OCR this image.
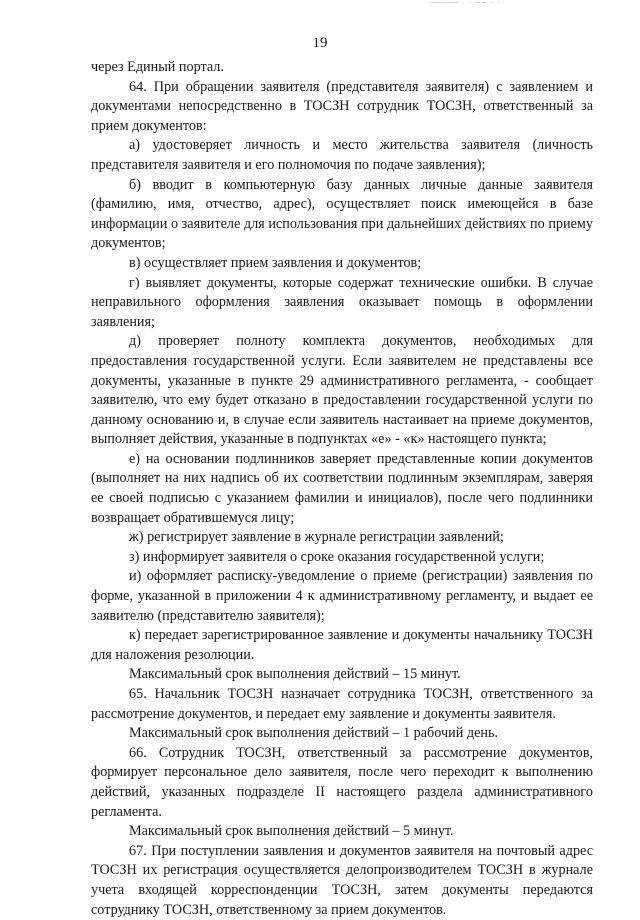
————— · ·· —— ·· ···
19

через Единый портал.

64. При обращении заявителя (представителя заявителя) с заявлением и документами непосредственно в ТОСЗН сотрудник ТОСЗН, ответственный за прием документов:

а) удостоверяет личность и место жительства заявителя (личность представителя заявителя и его полномочия по подаче заявления);

б) вводит в компьютерную базу данных личные данные заявителя (фамилию, имя, отчество, адрес), осуществляет поиск имеющейся в базе информации о заявителе для использования при дальнейших действиях по приему документов;

в) осуществляет прием заявления и документов;

г) выявляет документы, которые содержат технические ошибки. В случае неправильного оформления заявления оказывает помощь в оформлении заявления;

д) проверяет полноту комплекта документов, необходимых для предоставления государственной услуги. Если заявителем не представлены все документы, указанные в пункте 29 административного регламента, - сообщает заявителю, что ему будет отказано в предоставлении государственной услуги по данному основанию и, в случае если заявитель настаивает на приеме документов, выполняет действия, указанные в подпунктах «е» - «к» настоящего пункта;

е) на основании подлинников заверяет представленные копии документов (выполняет на них надпись об их соответствии подлинным экземплярам, заверяя ее своей подписью с указанием фамилии и инициалов), после чего подлинники возвращает обратившемуся лицу;

ж) регистрирует заявление в журнале регистрации заявлений;

з) информирует заявителя о сроке оказания государственной услуги;

и) оформляет расписку-уведомление о приеме (регистрации) заявления по форме, указанной в приложении 4 к административному регламенту, и выдает ее заявителю (представителю заявителя);

к) передает зарегистрированное заявление и документы начальнику ТОСЗН для наложения резолюции.

Максимальный срок выполнения действий – 15 минут.

65. Начальник ТОСЗН назначает сотрудника ТОСЗН, ответственного за рассмотрение документов, и передает ему заявление и документы заявителя.

Максимальный срок выполнения действий – 1 рабочий день.

66. Сотрудник ТОСЗН, ответственный за рассмотрение документов, формирует персональное дело заявителя, после чего переходит к выполнению действий, указанных подразделе II настоящего раздела административного регламента.

Максимальный срок выполнения действий – 5 минут.

67. При поступлении заявления и документов заявителя на почтовый адрес ТОСЗН их регистрация осуществляется делопроизводителем ТОСЗН в журнале учета входящей корреспонденции ТОСЗН, затем документы передаются сотруднику ТОСЗН, ответственному за прием документов.
